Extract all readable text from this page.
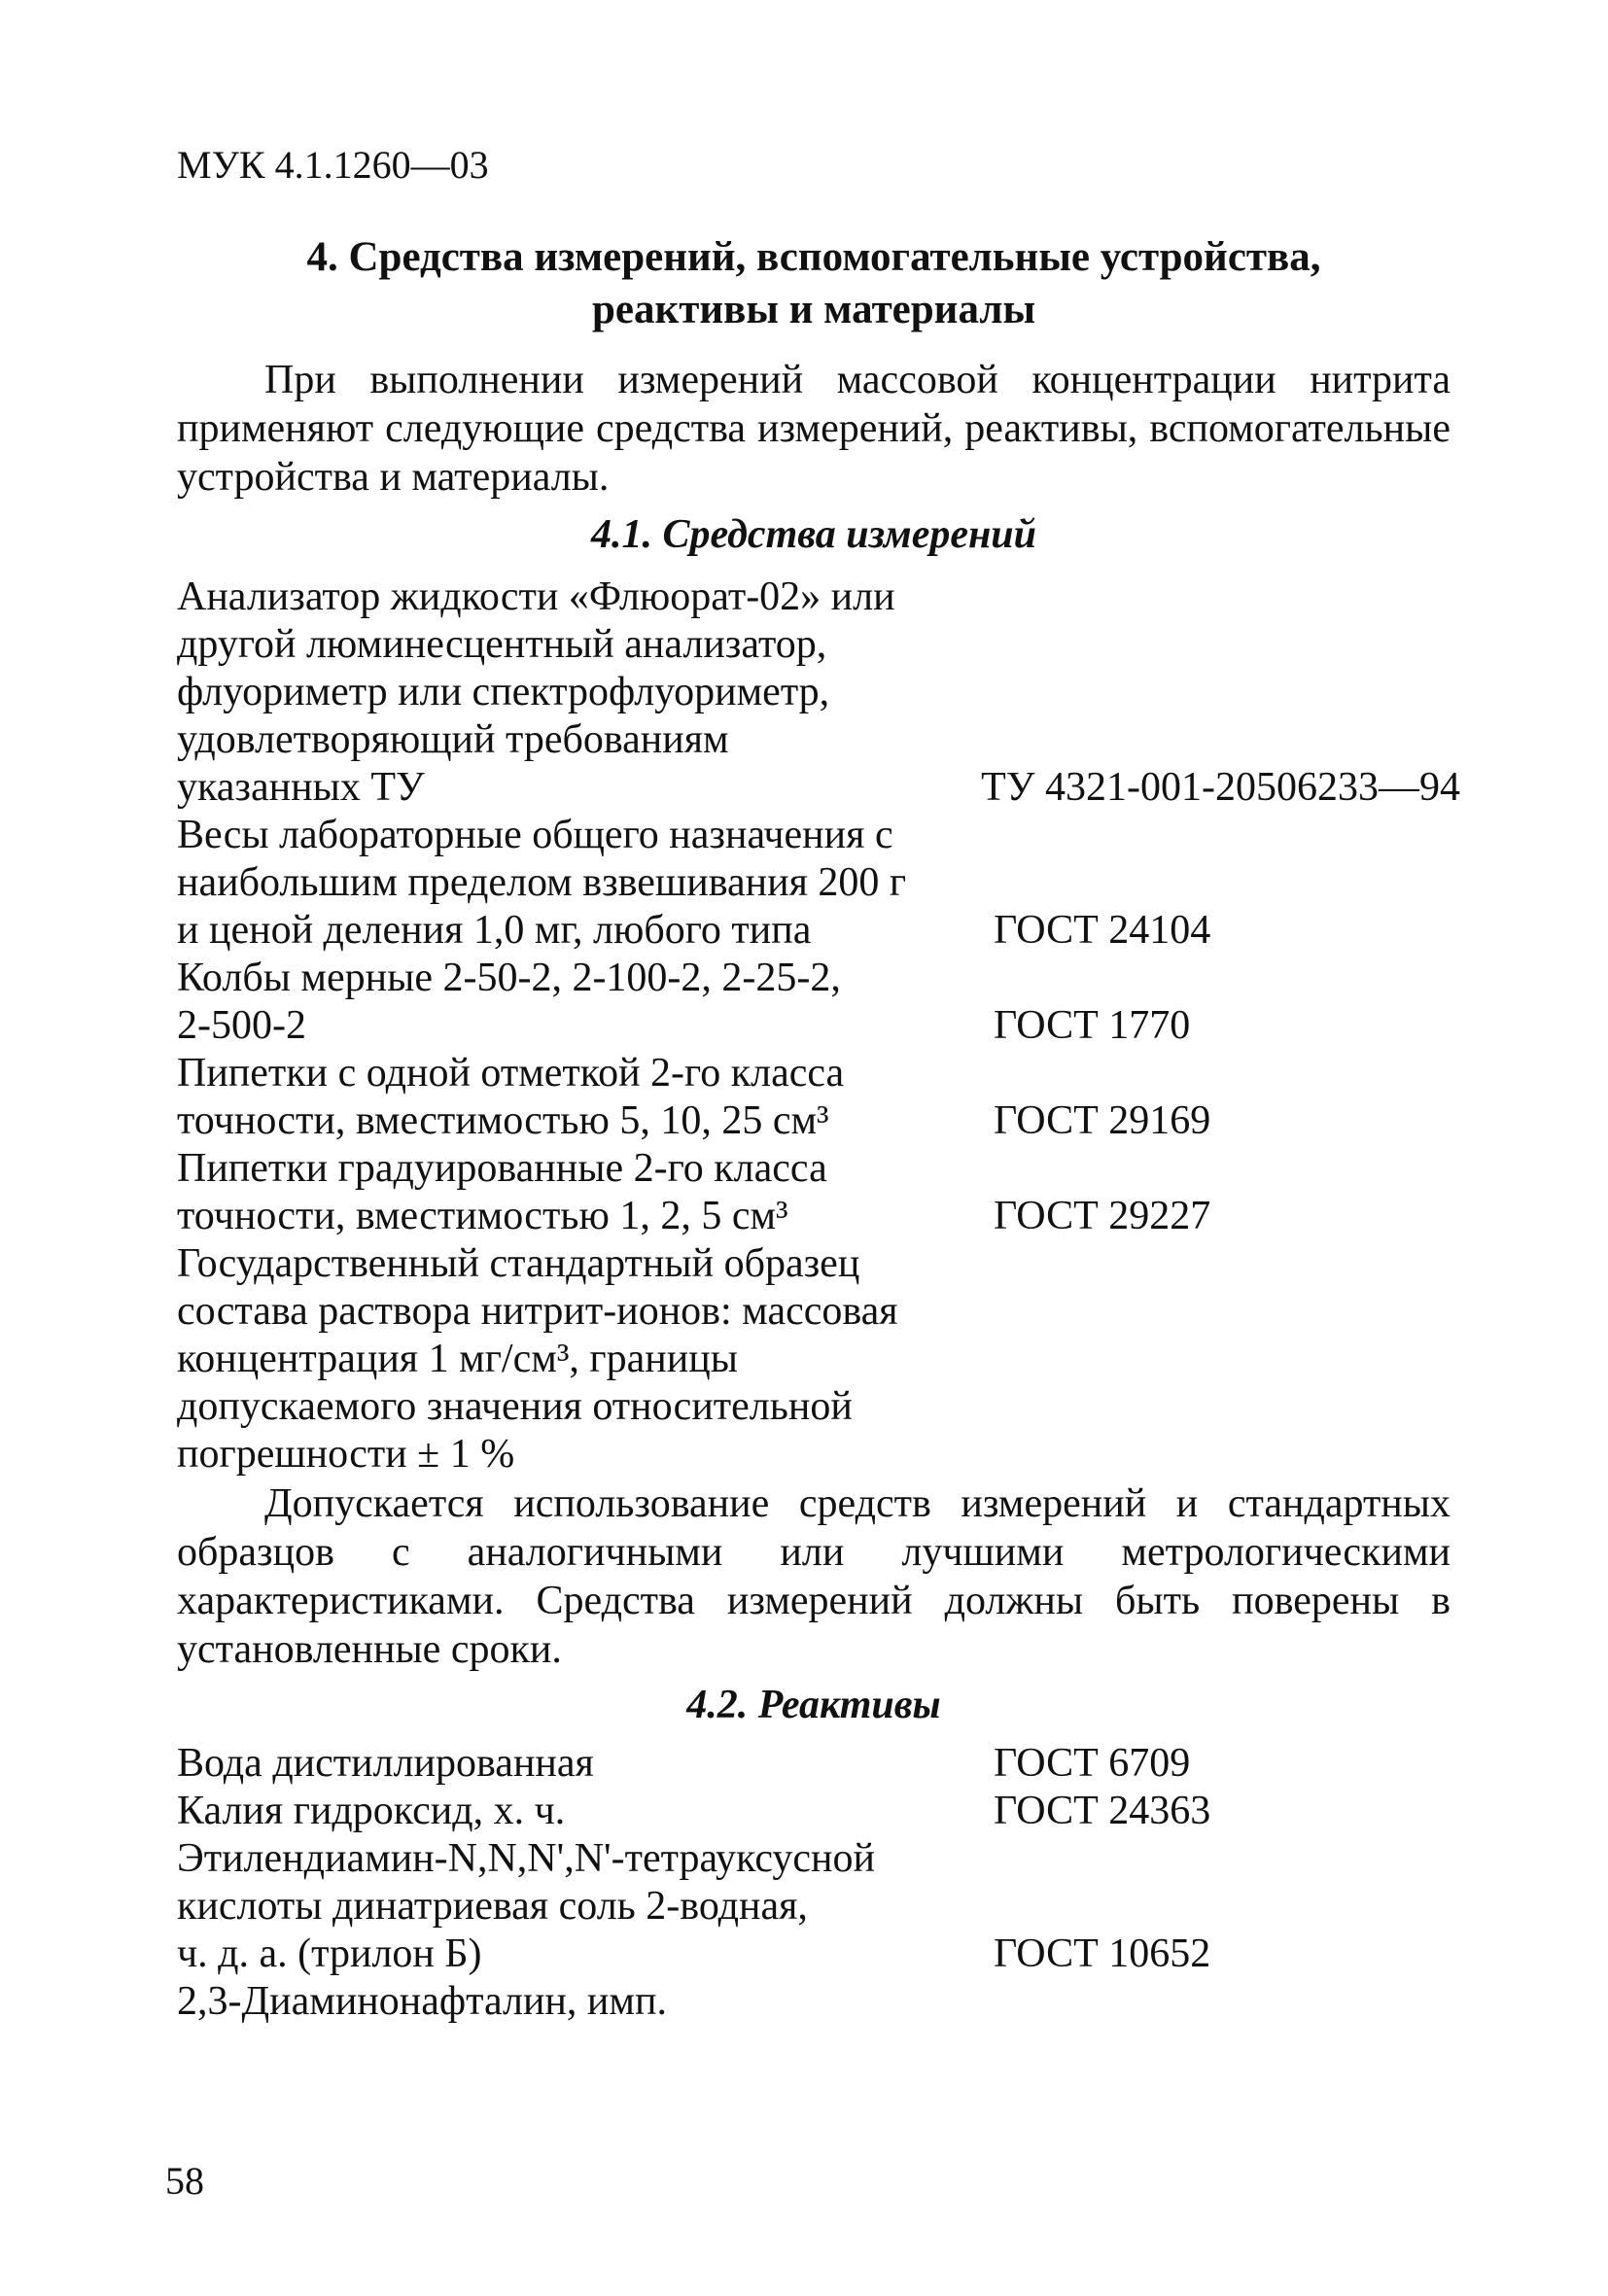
МУК 4.1.1260—03
4. Средства измерений, вспомогательные устройства,
реактивы и материалы
При выполнении измерений массовой концентрации нитрита применяют следующие средства измерений, реактивы, вспомогательные устройства и материалы.
4.1. Средства измерений
Анализатор жидкости «Флюорат-02» или
другой люминесцентный анализатор,
флуориметр или спектрофлуориметр,
удовлетворяющий требованиям
указанных ТУ	ТУ 4321-001-20506233—94
Весы лабораторные общего назначения с
наибольшим пределом взвешивания 200 г
и ценой деления 1,0 мг, любого типа	ГОСТ 24104
Колбы мерные 2-50-2, 2-100-2, 2-25-2,
2-500-2	ГОСТ 1770
Пипетки с одной отметкой 2-го класса
точности, вместимостью 5, 10, 25 см³	ГОСТ 29169
Пипетки градуированные 2-го класса
точности, вместимостью 1, 2, 5 см³	ГОСТ 29227
Государственный стандартный образец
состава раствора нитрит-ионов: массовая
концентрация 1 мг/см³, границы
допускаемого значения относительной
погрешности ± 1 %
Допускается использование средств измерений и стандартных образцов с аналогичными или лучшими метрологическими характеристиками. Средства измерений должны быть поверены в установленные сроки.
4.2. Реактивы
Вода дистиллированная	ГОСТ 6709
Калия гидроксид, х. ч.	ГОСТ 24363
Этилендиамин-N,N,N',N'-тетрауксусной
кислоты динатриевая соль 2-водная,
ч. д. а. (трилон Б)	ГОСТ 10652
2,3-Диаминонафталин, имп.
58
